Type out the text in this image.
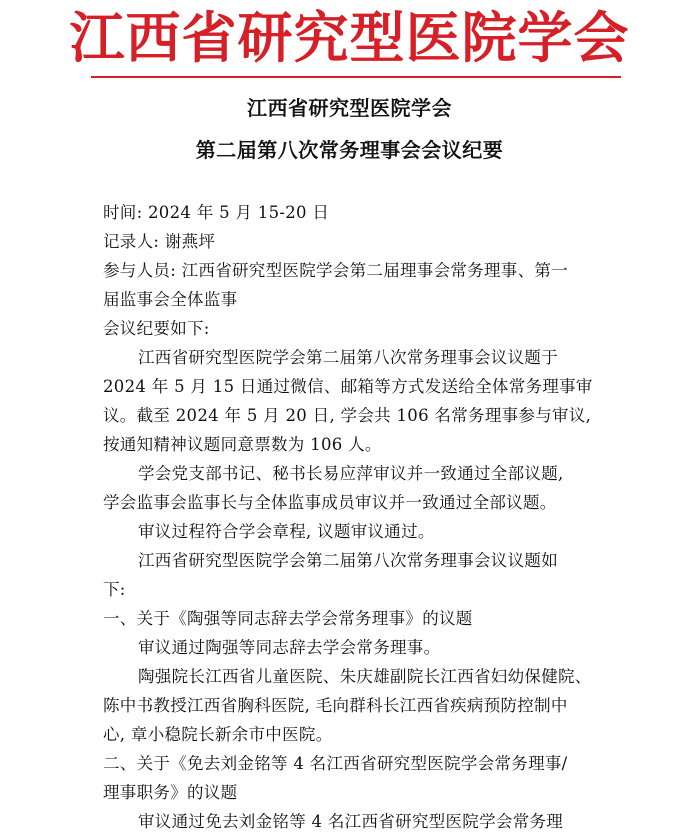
江西省研究型医院学会
江西省研究型医院学会
第二届第八次常务理事会会议纪要
时间: 2024 年 5 月 15-20 日
记录人: 谢燕坪
参与人员: 江西省研究型医院学会第二届理事会常务理事、第一
届监事会全体监事
会议纪要如下:
江西省研究型医院学会第二届第八次常务理事会议议题于
2024 年 5 月 15 日通过微信、邮箱等方式发送给全体常务理事审
议。截至 2024 年 5 月 20 日, 学会共 106 名常务理事参与审议,
按通知精神议题同意票数为 106 人。
学会党支部书记、秘书长易应萍审议并一致通过全部议题,
学会监事会监事长与全体监事成员审议并一致通过全部议题。
审议过程符合学会章程, 议题审议通过。
江西省研究型医院学会第二届第八次常务理事会议议题如
下:
一、关于《陶强等同志辞去学会常务理事》的议题
审议通过陶强等同志辞去学会常务理事。
陶强院长江西省儿童医院、朱庆雄副院长江西省妇幼保健院、
陈中书教授江西省胸科医院, 毛向群科长江西省疾病预防控制中
心, 章小稳院长新余市中医院。
二、关于《免去刘金铭等 4 名江西省研究型医院学会常务理事/
理事职务》的议题
审议通过免去刘金铭等 4 名江西省研究型医院学会常务理
